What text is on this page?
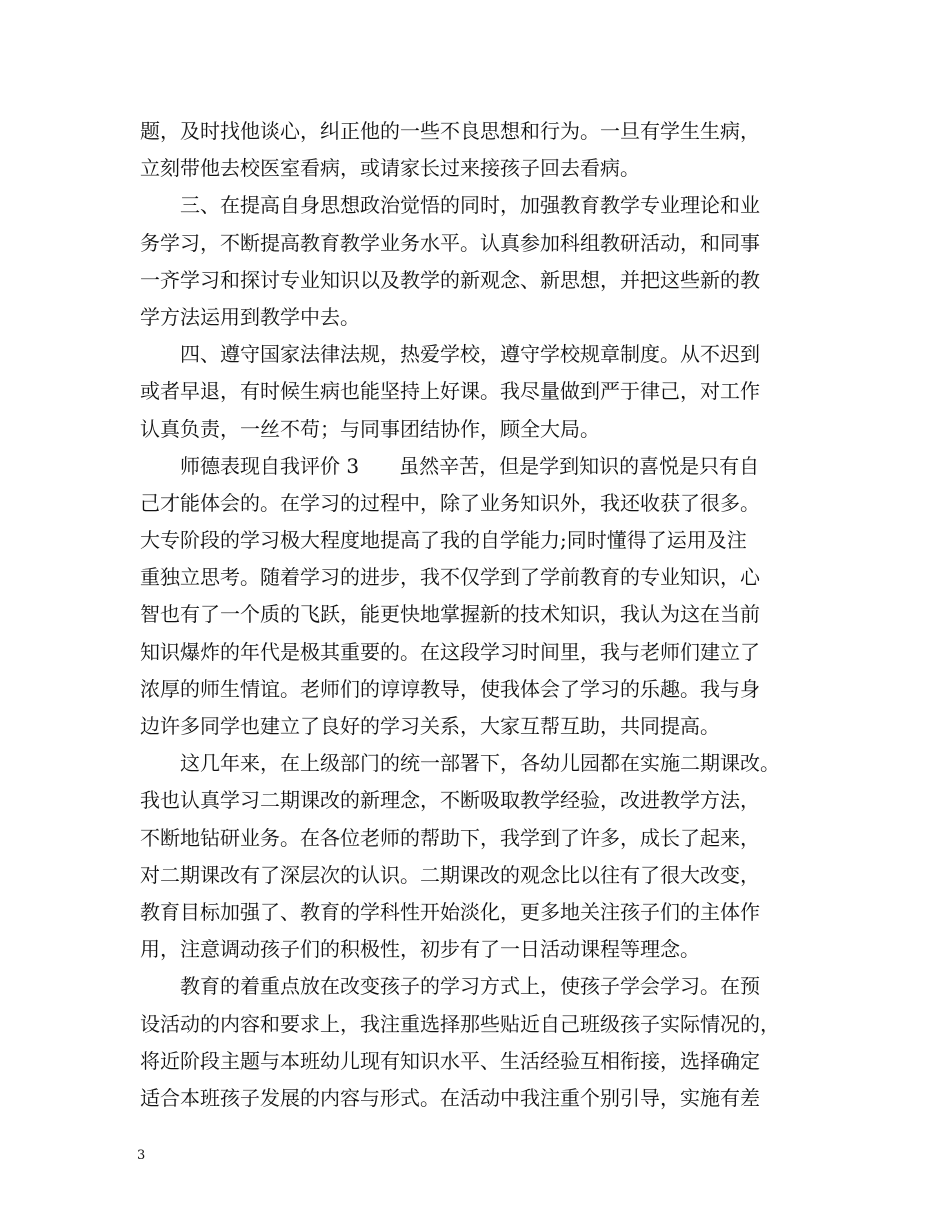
题，及时找他谈心，纠正他的一些不良思想和行为。一旦有学生生病，
立刻带他去校医室看病，或请家长过来接孩子回去看病。
三、在提高自身思想政治觉悟的同时，加强教育教学专业理论和业
务学习，不断提高教育教学业务水平。认真参加科组教研活动，和同事
一齐学习和探讨专业知识以及教学的新观念、新思想，并把这些新的教
学方法运用到教学中去。
四、遵守国家法律法规，热爱学校，遵守学校规章制度。从不迟到
或者早退，有时候生病也能坚持上好课。我尽量做到严于律己，对工作
认真负责，一丝不苟；与同事团结协作，顾全大局。
师德表现自我评价 3　　虽然辛苦，但是学到知识的喜悦是只有自
己才能体会的。在学习的过程中，除了业务知识外，我还收获了很多。
大专阶段的学习极大程度地提高了我的自学能力;同时懂得了运用及注
重独立思考。随着学习的进步，我不仅学到了学前教育的专业知识，心
智也有了一个质的飞跃，能更快地掌握新的技术知识，我认为这在当前
知识爆炸的年代是极其重要的。在这段学习时间里，我与老师们建立了
浓厚的师生情谊。老师们的谆谆教导，使我体会了学习的乐趣。我与身
边许多同学也建立了良好的学习关系，大家互帮互助，共同提高。
这几年来，在上级部门的统一部署下，各幼儿园都在实施二期课改。
我也认真学习二期课改的新理念，不断吸取教学经验，改进教学方法，
不断地钻研业务。在各位老师的帮助下，我学到了许多，成长了起来，
对二期课改有了深层次的认识。二期课改的观念比以往有了很大改变，
教育目标加强了、教育的学科性开始淡化，更多地关注孩子们的主体作
用，注意调动孩子们的积极性，初步有了一日活动课程等理念。
教育的着重点放在改变孩子的学习方式上，使孩子学会学习。在预
设活动的内容和要求上，我注重选择那些贴近自己班级孩子实际情况的，
将近阶段主题与本班幼儿现有知识水平、生活经验互相衔接，选择确定
适合本班孩子发展的内容与形式。在活动中我注重个别引导，实施有差
3
